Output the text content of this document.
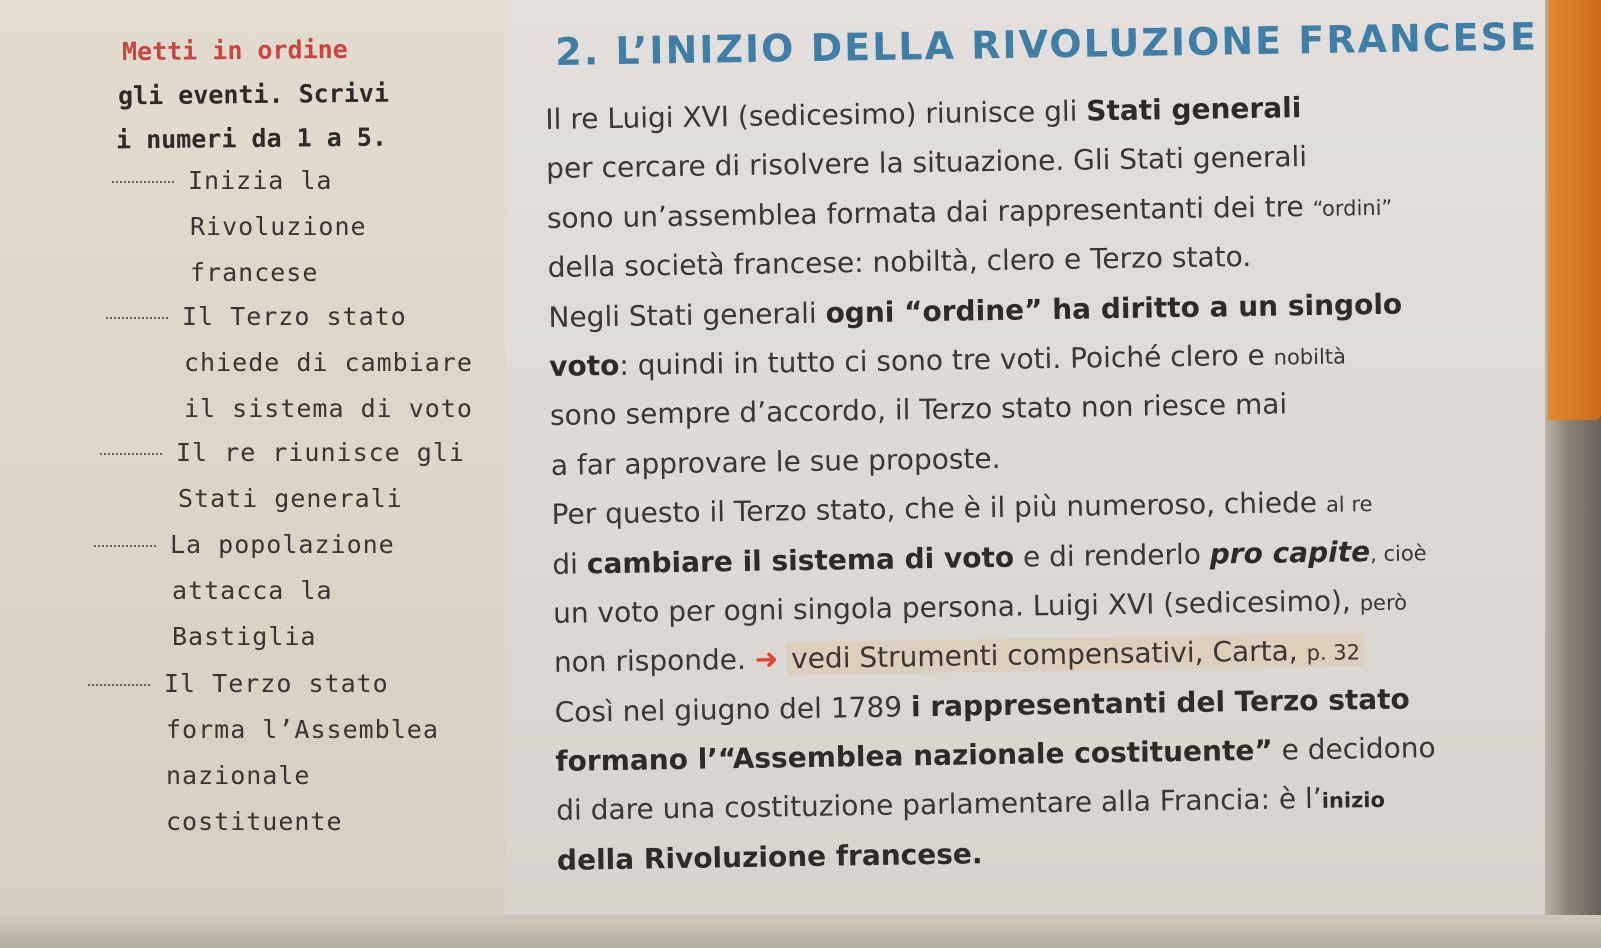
Metti in ordine

gli eventi. Scrivi

i numeri da 1 a 5.

Inizia la
Rivoluzione
francese
Il Terzo stato
chiede di cambiare
il sistema di voto
Il re riunisce gli
Stati generali
La popolazione
attacca la
Bastiglia
Il Terzo stato
forma l’Assemblea
nazionale
costituente
2. L’INIZIO DELLA RIVOLUZIONE FRANCESE
Il re Luigi XVI (sedicesimo) riunisce gli Stati generali
per cercare di risolvere la situazione. Gli Stati generali
sono un’assemblea formata dai rappresentanti dei tre “ordini”
della società francese: nobiltà, clero e Terzo stato.
Negli Stati generali ogni “ordine” ha diritto a un singolo
voto: quindi in tutto ci sono tre voti. Poiché clero e nobiltà
sono sempre d’accordo, il Terzo stato non riesce mai
a far approvare le sue proposte.
Per questo il Terzo stato, che è il più numeroso, chiede al re
di cambiare il sistema di voto e di renderlo pro capite, cioè
un voto per ogni singola persona. Luigi XVI (sedicesimo), però
non risponde. ➜ vedi Strumenti compensativi, Carta, p. 32
Così nel giugno del 1789 i rappresentanti del Terzo stato
formano l’“Assemblea nazionale costituente” e decidono
di dare una costituzione parlamentare alla Francia: è l’inizio
della Rivoluzione francese.
